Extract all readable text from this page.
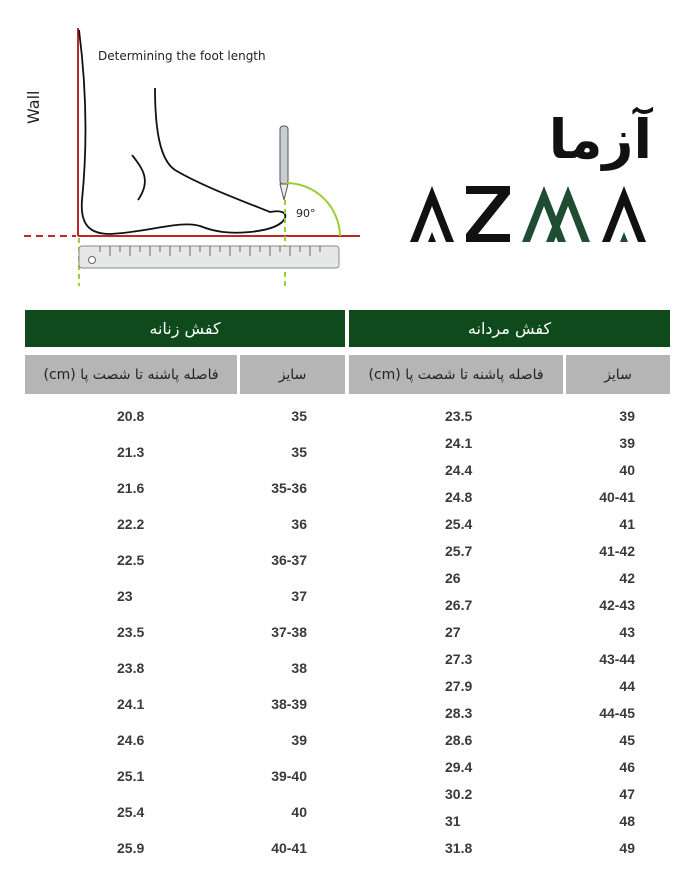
Determining the foot length
Wall
90°
آزما
کفش زنانه
فاصله پاشنه تا شصت پا (cm)	سایز
20.8	35
21.3	35
21.6	35-36
22.2	36
22.5	36-37
23	37
23.5	37-38
23.8	38
24.1	38-39
24.6	39
25.1	39-40
25.4	40
25.9	40-41
کفش مردانه
فاصله پاشنه تا شصت پا (cm)	سایز
23.5	39
24.1	39
24.4	40
24.8	40-41
25.4	41
25.7	41-42
26	42
26.7	42-43
27	43
27.3	43-44
27.9	44
28.3	44-45
28.6	45
29.4	46
30.2	47
31	48
31.8	49
